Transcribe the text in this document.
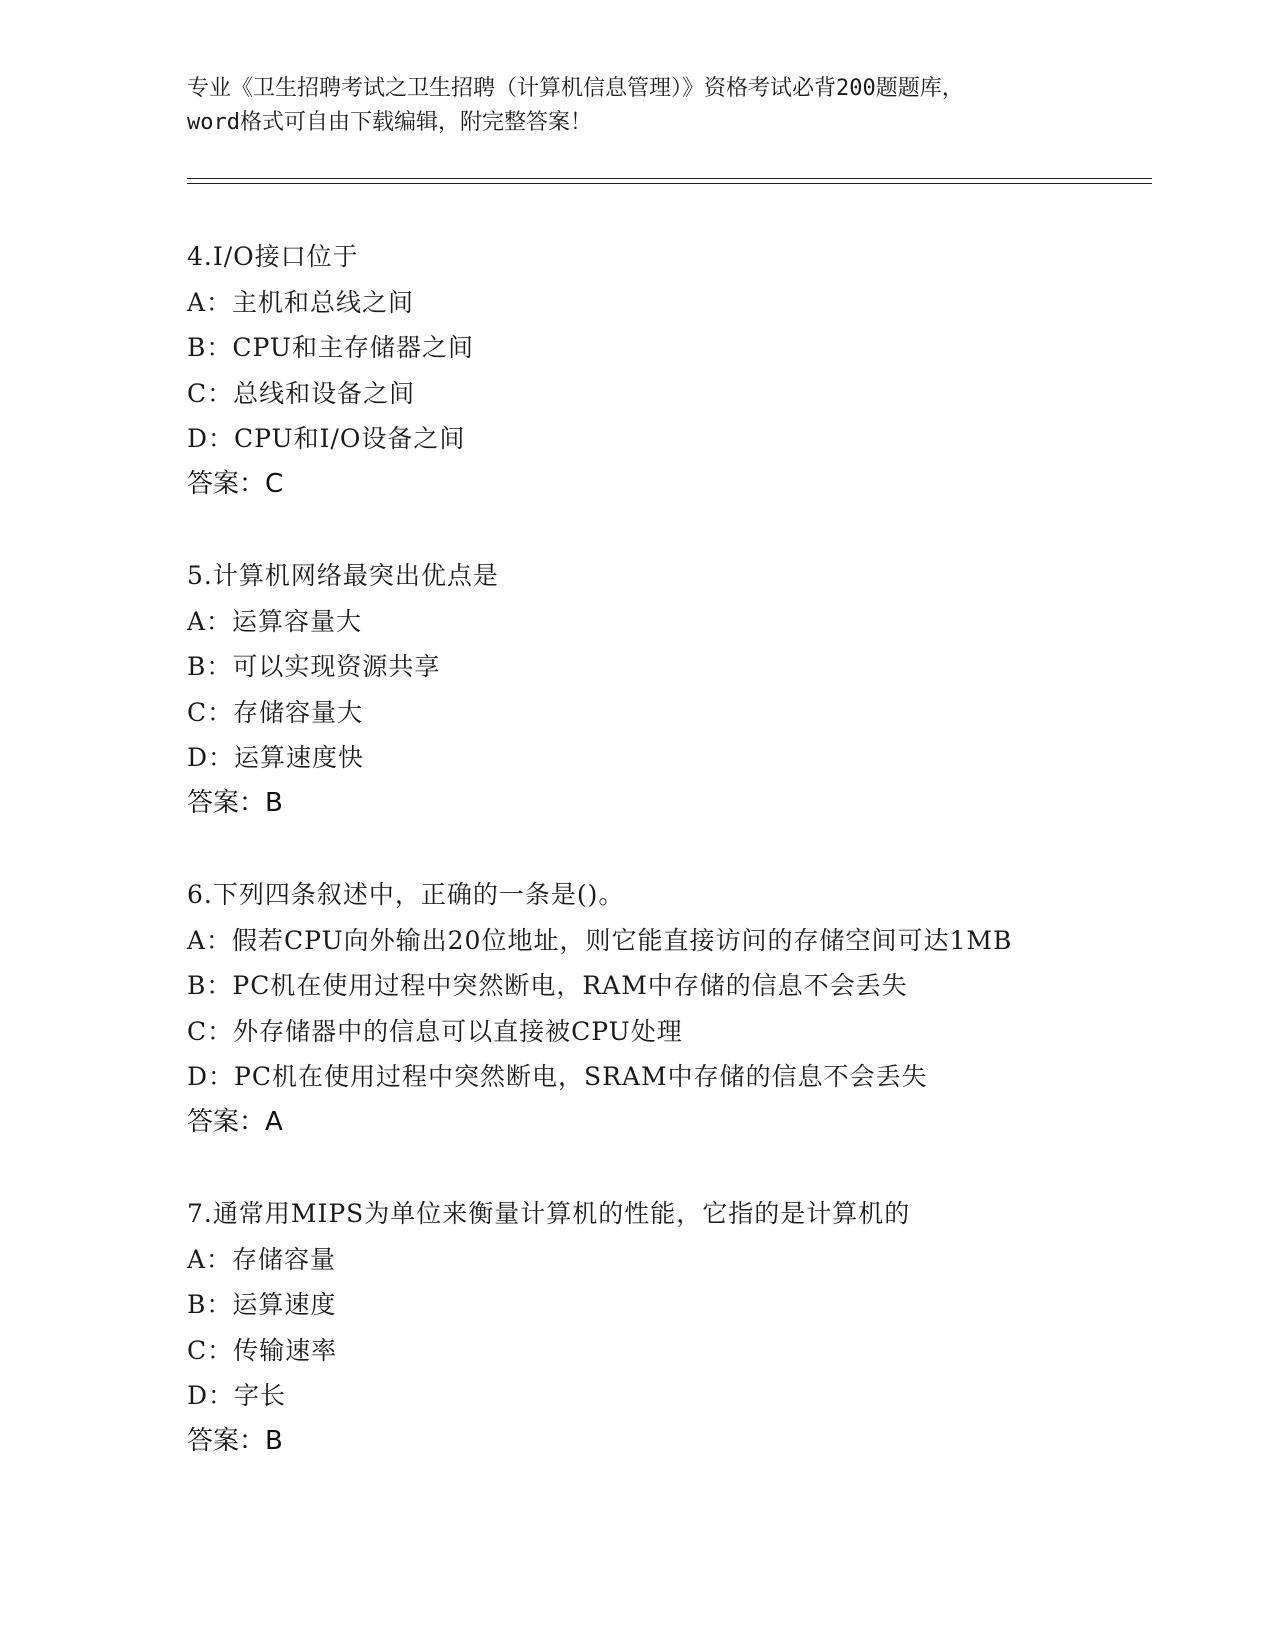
专业《卫生招聘考试之卫生招聘（计算机信息管理）》资格考试必背200题题库，
word格式可自由下载编辑，附完整答案！
4.I/O接口位于
A：主机和总线之间
B：CPU和主存储器之间
C：总线和设备之间
D：CPU和I/O设备之间
答案：C
5.计算机网络最突出优点是
A：运算容量大
B：可以实现资源共享
C：存储容量大
D：运算速度快
答案：B
6.下列四条叙述中，正确的一条是()。
A：假若CPU向外输出20位地址，则它能直接访问的存储空间可达1MB
B：PC机在使用过程中突然断电，RAM中存储的信息不会丢失
C：外存储器中的信息可以直接被CPU处理
D：PC机在使用过程中突然断电，SRAM中存储的信息不会丢失
答案：A
7.通常用MIPS为单位来衡量计算机的性能，它指的是计算机的
A：存储容量
B：运算速度
C：传输速率
D：字长
答案：B
